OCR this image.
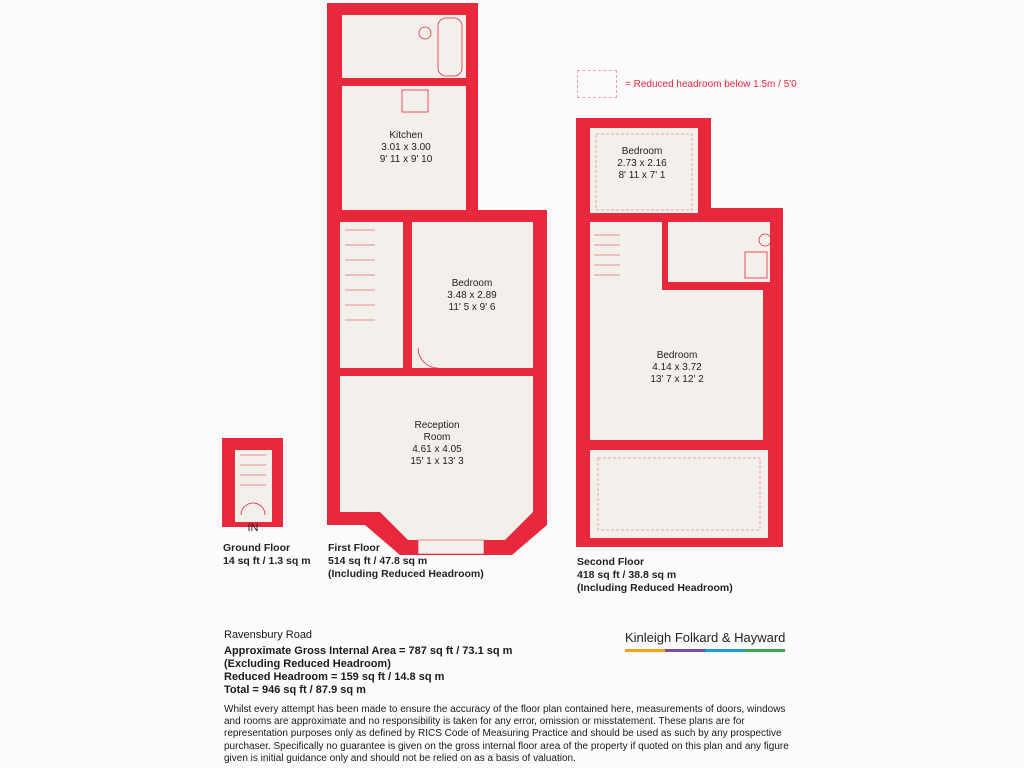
= Reduced headroom below 1.5m / 5'0
Kitchen
3.01 x 3.00
9' 11 x 9' 10
Bedroom
3.48 x 2.89
11' 5 x 9' 6
Reception
Room
4.61 x 4.05
15' 1 x 13' 3
Bedroom
2.73 x 2.16
8' 11 x 7' 1
Bedroom
4.14 x 3.72
13' 7 x 12' 2
IN
Ground Floor
14 sq ft / 1.3 sq m
First Floor
514 sq ft / 47.8 sq m
(Including Reduced Headroom)
Second Floor
418 sq ft / 38.8 sq m
(Including Reduced Headroom)
Ravensbury Road
Approximate Gross Internal Area = 787 sq ft / 73.1 sq m
(Excluding Reduced Headroom)
Reduced Headroom = 159 sq ft / 14.8 sq m
Total = 946 sq ft / 87.9 sq m
Kinleigh Folkard & Hayward
Whilst every attempt has been made to ensure the accuracy of the floor plan contained here, measurements of doors, windows and rooms are approximate and no responsibility is taken for any error, omission or misstatement. These plans are for representation purposes only as defined by RICS Code of Measuring Practice and should be used as such by any prospective purchaser. Specifically no guarantee is given on the gross internal floor area of the property if quoted on this plan and any figure given is initial guidance only and should not be relied on as a basis of valuation.
